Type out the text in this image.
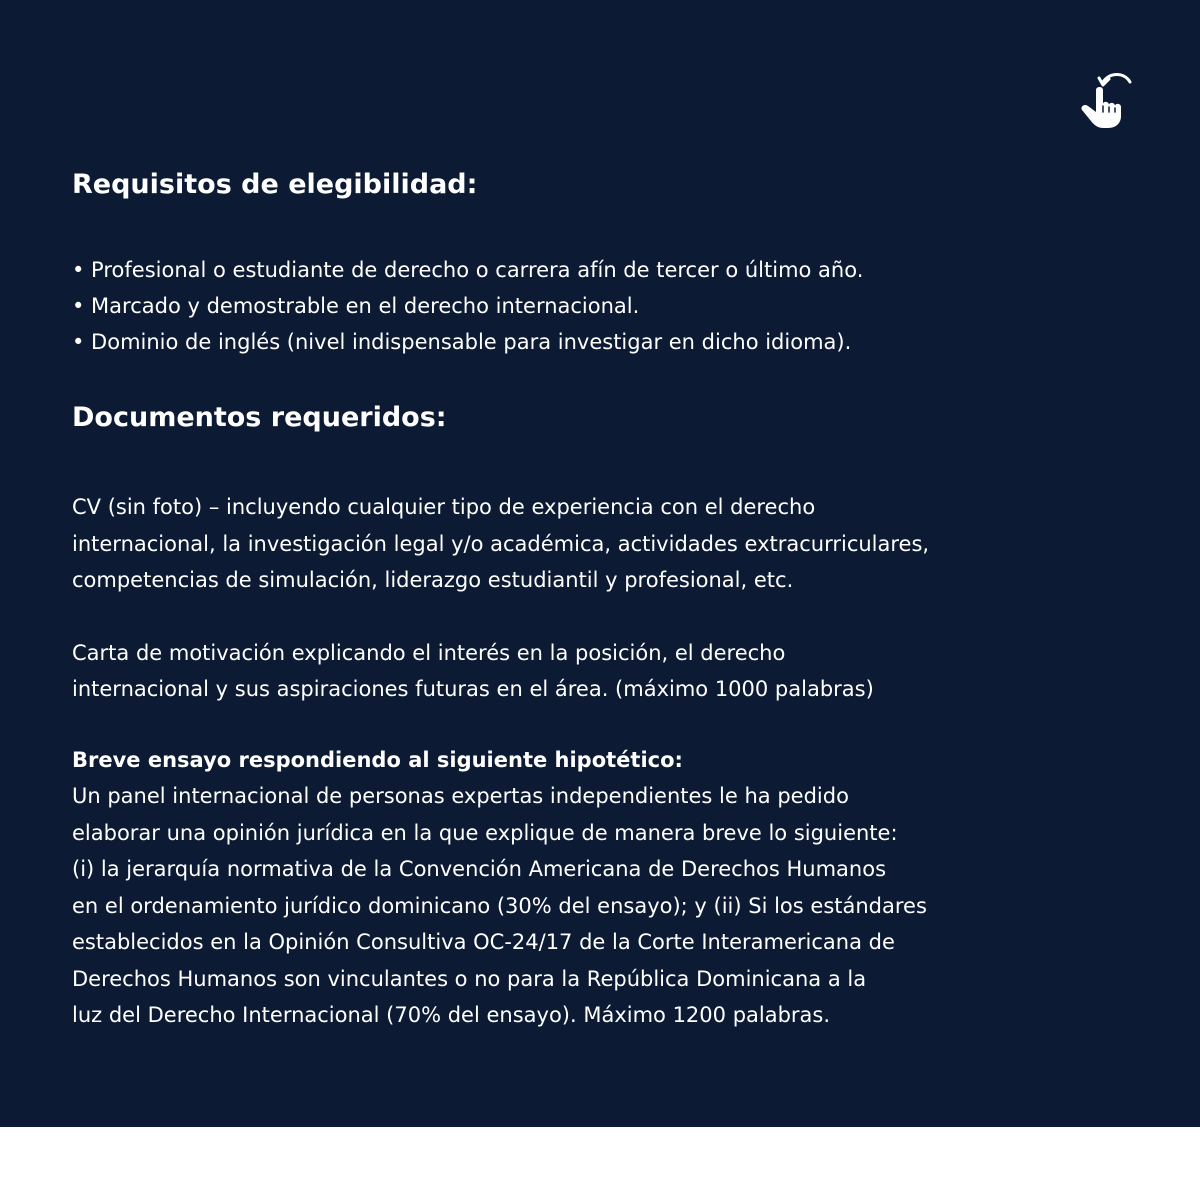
Requisitos de elegibilidad:
• Profesional o estudiante de derecho o carrera afín de tercer o último año.
• Marcado y demostrable en el derecho internacional.
• Dominio de inglés (nivel indispensable para investigar en dicho idioma).
Documentos requeridos:

CV (sin foto) – incluyendo cualquier tipo de experiencia con el derecho
internacional, la investigación legal y/o académica, actividades extracurriculares,
competencias de simulación, liderazgo estudiantil y profesional, etc.

Carta de motivación explicando el interés en la posición, el derecho
internacional y sus aspiraciones futuras en el área. (máximo 1000 palabras)

Breve ensayo respondiendo al siguiente hipotético:

Un panel internacional de personas expertas independientes le ha pedido
elaborar una opinión jurídica en la que explique de manera breve lo siguiente:
(i) la jerarquía normativa de la Convención Americana de Derechos Humanos
en el ordenamiento jurídico dominicano (30% del ensayo); y (ii) Si los estándares
establecidos en la Opinión Consultiva OC-24/17 de la Corte Interamericana de
Derechos Humanos son vinculantes o no para la República Dominicana a la
luz del Derecho Internacional (70% del ensayo). Máximo 1200 palabras.
